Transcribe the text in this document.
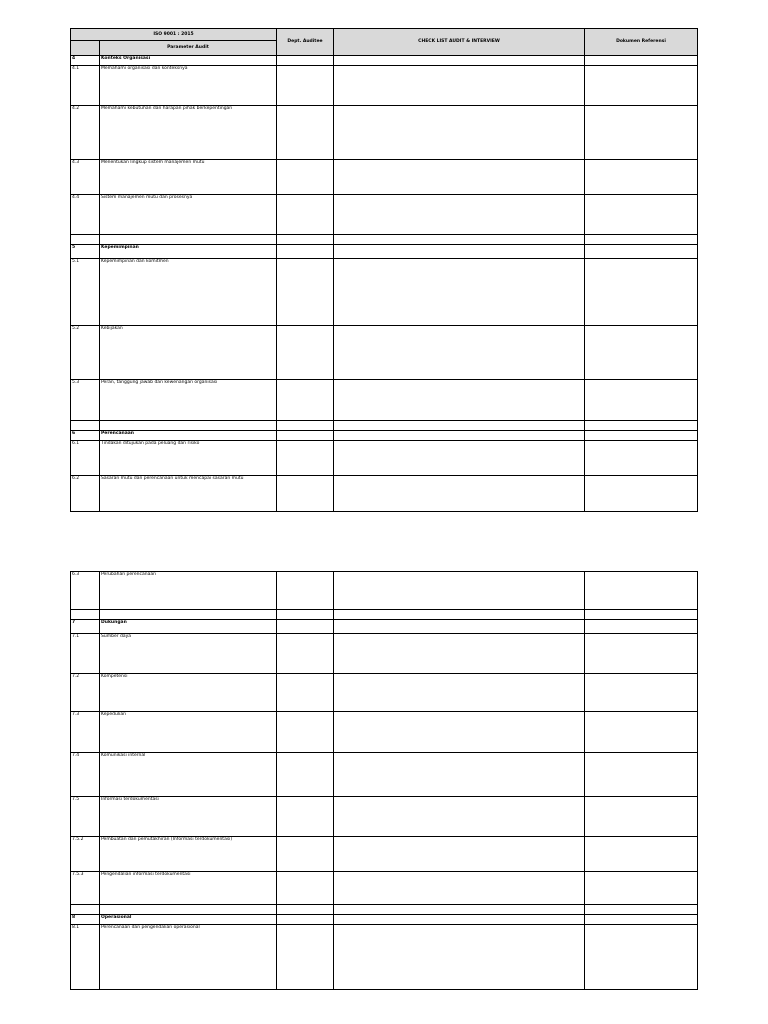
ISO 9001 : 2015		Dept. Auditee	CHECK LIST AUDIT & INTERVIEW	Dokumen Referensi
	Parameter Audit			
4	Konteks Organisasi			
4.1	Memahami organisasi dan konteksnya			
4.2	Memahami kebutuhan dan harapan pihak berkepentingan			
4.3	Menentukan lingkup sistem manajemen mutu			
4.4	Sistem manajemen mutu dan prosesnya			

5	Kepemimpinan			
5.1	Kepemimpinan dan komitmen			
5.2	Kebijakan			
5.3	Peran, tanggung jawab dan kewenangan organisasi			

6	Perencanaan			
6.1	Tindakan ditujukan pada peluang dan risiko			
6.2	Sasaran mutu dan perencanaan untuk mencapai sasaran mutu			
6.3	Perubahan perencanaan			

7	Dukungan			
7.1	Sumber daya			
7.2	Kompetensi			
7.3	Kepedulian			
7.4	Komunikasi internal			
7.5	Informasi terdokumentasi			
7.5.2	Pembuatan dan pemutakhiran (Informasi terdokumentasi)			
7.5.3	Pengendalian informasi terdokumentasi			

8	Operasional			
8.1	Perencanaan dan pengendalian operasional			
